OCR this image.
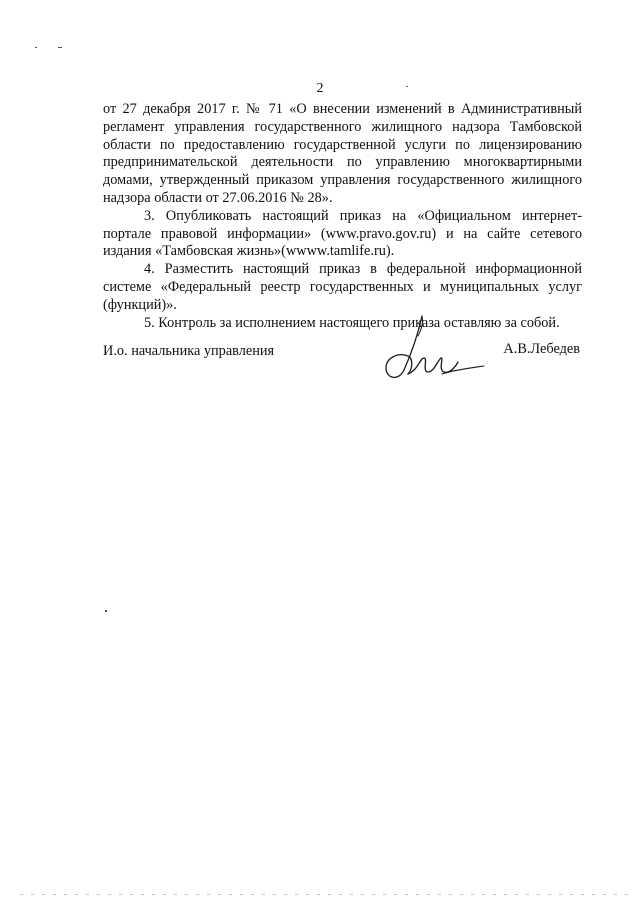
2

от 27 декабря 2017 г. № 71 «О внесении изменений в Административный регламент управления государственного жилищного надзора Тамбовской области по предоставлению государственной услуги по лицензированию предпринимательской деятельности по управлению многоквартирными домами, утвержденный приказом управления государственного жилищного надзора области от 27.06.2016 № 28».

3. Опубликовать настоящий приказ на «Официальном интернет-портале правовой информации» (www.pravo.gov.ru) и на сайте сетевого издания «Тамбовская жизнь»(wwww.tamlife.ru).

4. Разместить настоящий приказ в федеральной информационной системе «Федеральный реестр государственных и муниципальных услуг (функций)».

5. Контроль за исполнением настоящего приказа оставляю за собой.

И.о. начальника управления	А.В.Лебедев
